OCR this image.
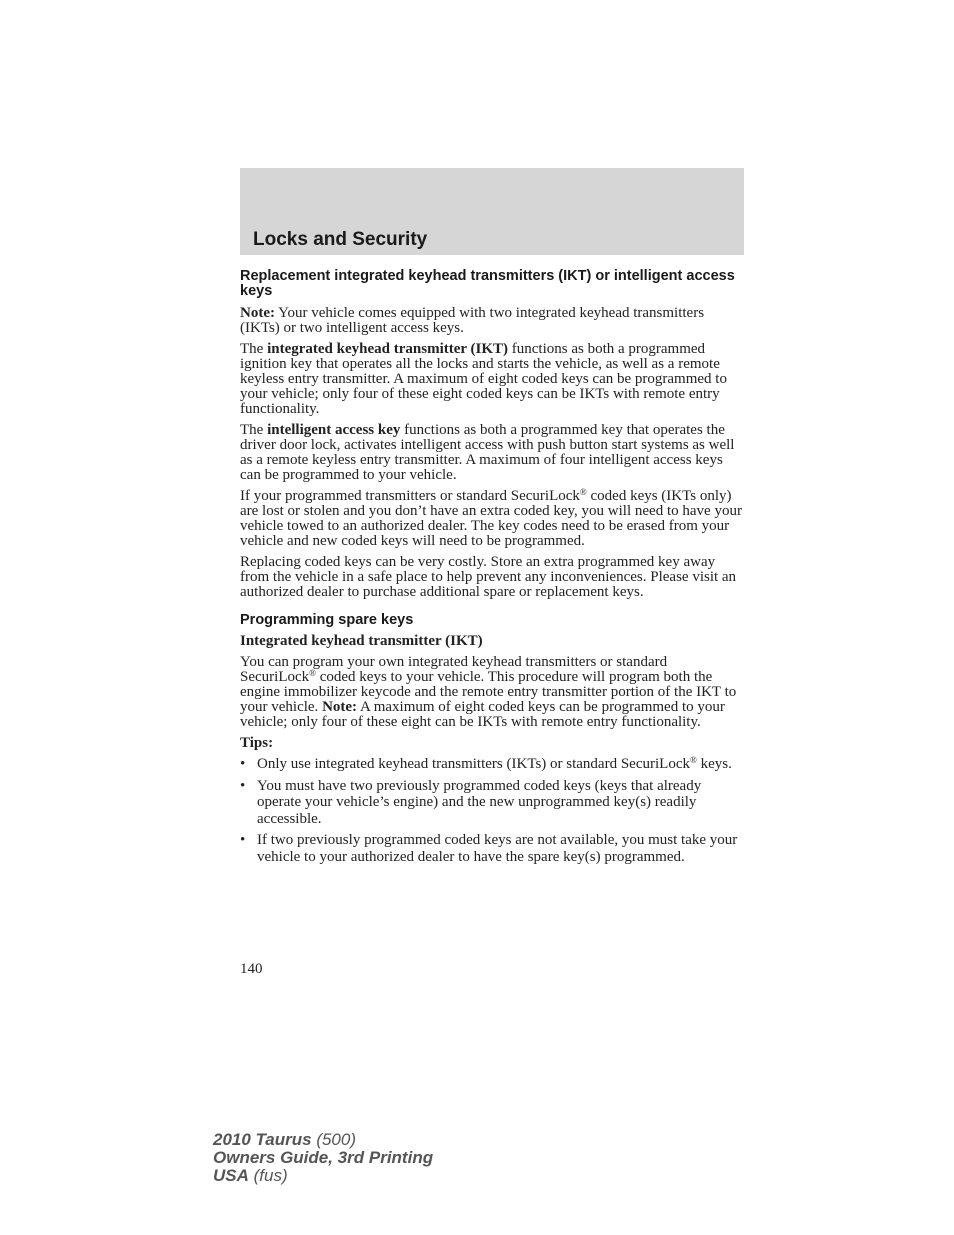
Locks and Security
Replacement integrated keyhead transmitters (IKT) or intelligent access keys

Note: Your vehicle comes equipped with two integrated keyhead transmitters (IKTs) or two intelligent access keys.

The integrated keyhead transmitter (IKT) functions as both a programmed ignition key that operates all the locks and starts the vehicle, as well as a remote keyless entry transmitter. A maximum of eight coded keys can be programmed to your vehicle; only four of these eight coded keys can be IKTs with remote entry functionality.

The intelligent access key functions as both a programmed key that operates the driver door lock, activates intelligent access with push button start systems as well as a remote keyless entry transmitter. A maximum of four intelligent access keys can be programmed to your vehicle.

If your programmed transmitters or standard SecuriLock® coded keys (IKTs only) are lost or stolen and you don’t have an extra coded key, you will need to have your vehicle towed to an authorized dealer. The key codes need to be erased from your vehicle and new coded keys will need to be programmed.

Replacing coded keys can be very costly. Store an extra programmed key away from the vehicle in a safe place to help prevent any inconveniences. Please visit an authorized dealer to purchase additional spare or replacement keys.

Programming spare keys

Integrated keyhead transmitter (IKT)

You can program your own integrated keyhead transmitters or standard SecuriLock® coded keys to your vehicle. This procedure will program both the engine immobilizer keycode and the remote entry transmitter portion of the IKT to your vehicle. Note: A maximum of eight coded keys can be programmed to your vehicle; only four of these eight can be IKTs with remote entry functionality.

Tips:

• Only use integrated keyhead transmitters (IKTs) or standard SecuriLock® keys.
• You must have two previously programmed coded keys (keys that already operate your vehicle’s engine) and the new unprogrammed key(s) readily accessible.
• If two previously programmed coded keys are not available, you must take your vehicle to your authorized dealer to have the spare key(s) programmed.
140
2010 Taurus (500)
Owners Guide, 3rd Printing
USA (fus)
